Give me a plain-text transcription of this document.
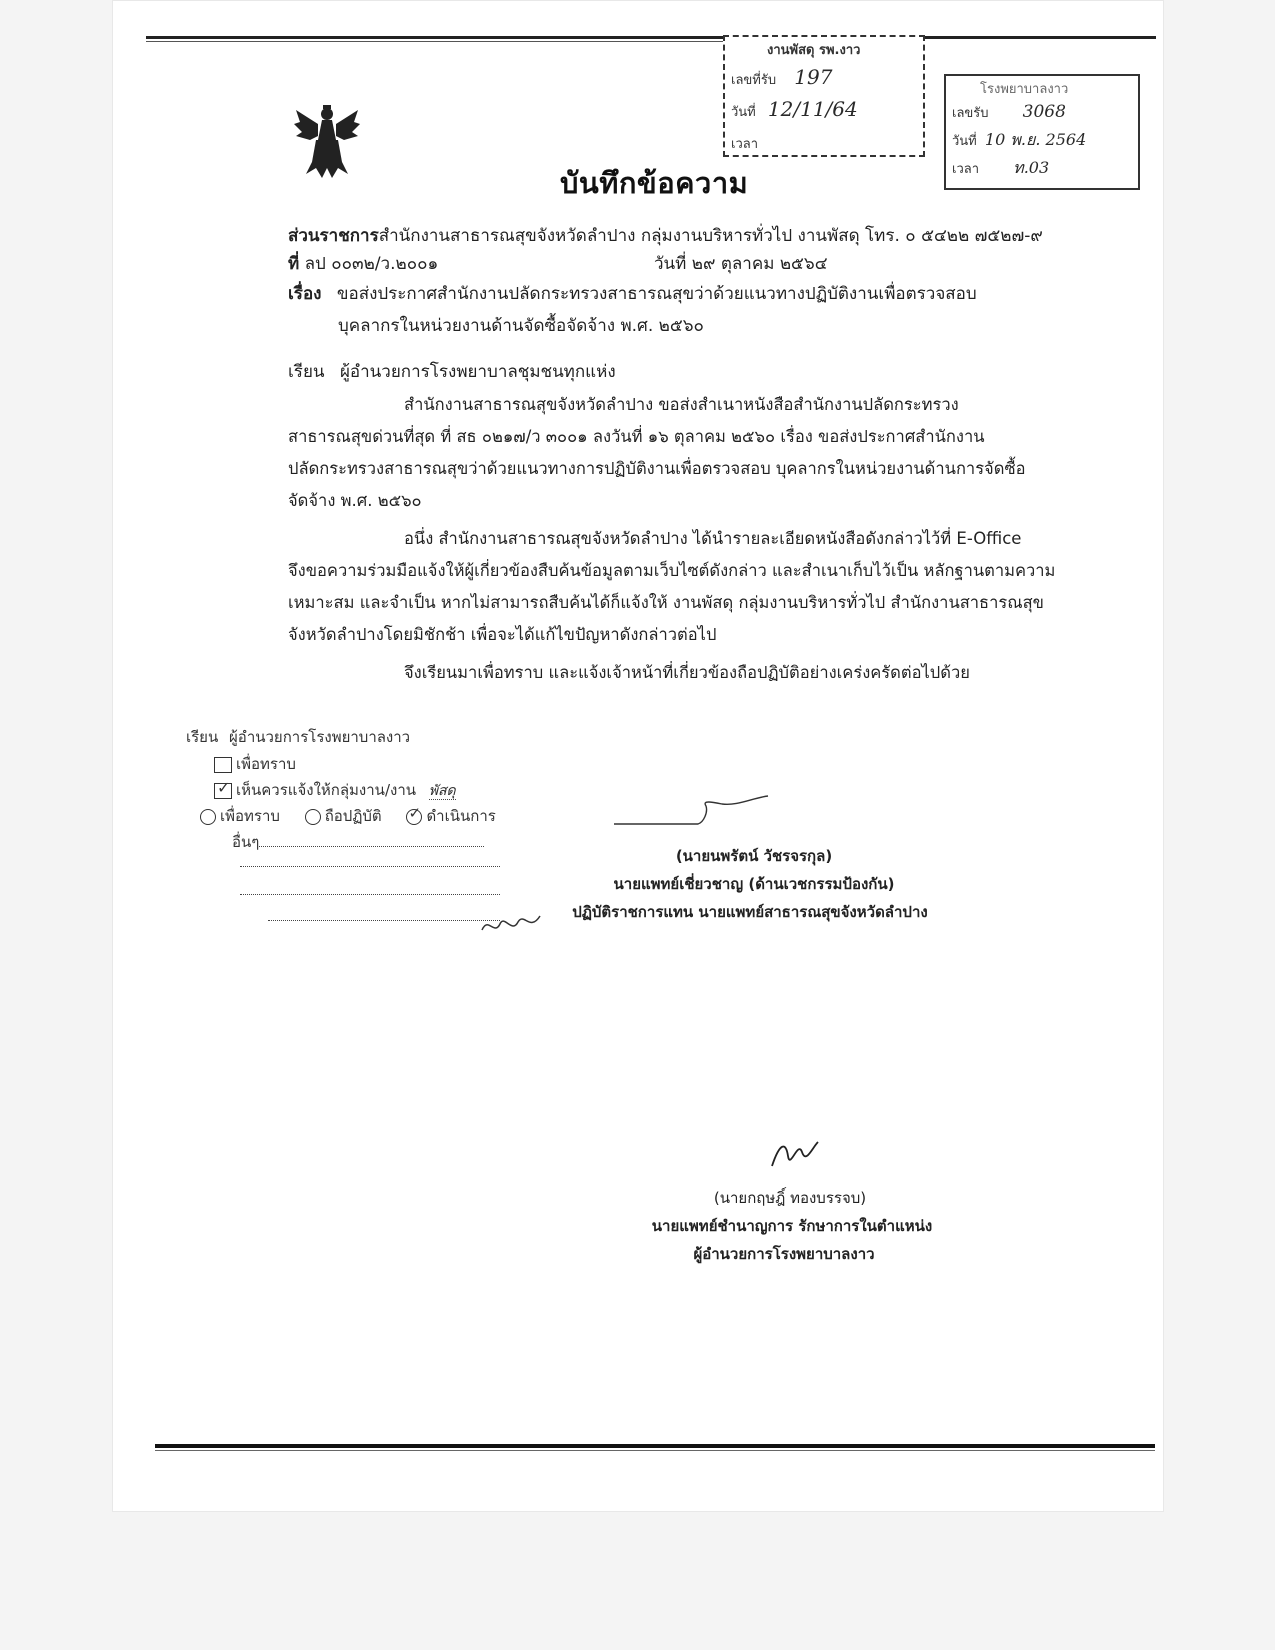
บันทึกข้อความ
งานพัสดุ รพ.งาว
เลขที่รับ 197
วันที่ 12/11/64
เวลา
โรงพยาบาลงาว
เลขรับ 3068
วันที่ 10 พ.ย. 2564
เวลา ท.03
ส่วนราชการสำนักงานสาธารณสุขจังหวัดลำปาง กลุ่มงานบริหารทั่วไป งานพัสดุ โทร. ๐ ๕๔๒๒ ๗๕๒๗-๙
ที่ ลป ๐๐๓๒/ว.๒๐๐๑	วันที่ ๒๙ ตุลาคม ๒๕๖๔
เรื่อง ขอส่งประกาศสำนักงานปลัดกระทรวงสาธารณสุขว่าด้วยแนวทางปฏิบัติงานเพื่อตรวจสอบ
บุคลากรในหน่วยงานด้านจัดซื้อจัดจ้าง พ.ศ. ๒๕๖๐
เรียน ผู้อำนวยการโรงพยาบาลชุมชนทุกแห่ง
สำนักงานสาธารณสุขจังหวัดลำปาง ขอส่งสำเนาหนังสือสำนักงานปลัดกระทรวง
สาธารณสุขด่วนที่สุด ที่ สธ ๐๒๑๗/ว ๓๐๐๑ ลงวันที่ ๑๖ ตุลาคม ๒๕๖๐ เรื่อง ขอส่งประกาศสำนักงาน
ปลัดกระทรวงสาธารณสุขว่าด้วยแนวทางการปฏิบัติงานเพื่อตรวจสอบ บุคลากรในหน่วยงานด้านการจัดซื้อ
จัดจ้าง พ.ศ. ๒๕๖๐
อนึ่ง สำนักงานสาธารณสุขจังหวัดลำปาง ได้นำรายละเอียดหนังสือดังกล่าวไว้ที่ E-Office
จึงขอความร่วมมือแจ้งให้ผู้เกี่ยวข้องสืบค้นข้อมูลตามเว็บไซต์ดังกล่าว และสำเนาเก็บไว้เป็น หลักฐานตามความ
เหมาะสม และจำเป็น หากไม่สามารถสืบค้นได้ก็แจ้งให้ งานพัสดุ กลุ่มงานบริหารทั่วไป สำนักงานสาธารณสุข
จังหวัดลำปางโดยมิชักช้า เพื่อจะได้แก้ไขปัญหาดังกล่าวต่อไป
จึงเรียนมาเพื่อทราบ และแจ้งเจ้าหน้าที่เกี่ยวข้องถือปฏิบัติอย่างเคร่งครัดต่อไปด้วย
เรียน ผู้อำนวยการโรงพยาบาลงาว
เพื่อทราบ
✓ เห็นควรแจ้งให้กลุ่มงาน/งาน พัสดุ
เพื่อทราบ	ถือปฏิบัติ ✓ ดำเนินการ
อื่นๆ
(นายนพรัตน์ วัชรจรกุล)
นายแพทย์เชี่ยวชาญ (ด้านเวชกรรมป้องกัน)
ปฏิบัติราชการแทน นายแพทย์สาธารณสุขจังหวัดลำปาง
(นายกฤษฎิ์ ทองบรรจบ)
นายแพทย์ชำนาญการ รักษาการในตำแหน่ง
ผู้อำนวยการโรงพยาบาลงาว
